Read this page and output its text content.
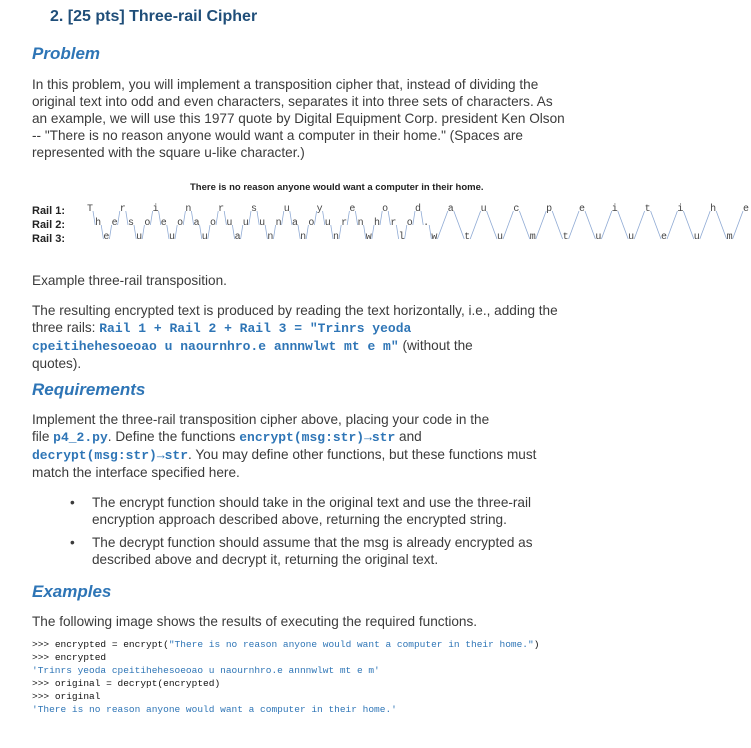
2. [25 pts] Three-rail Cipher
Problem

In this problem, you will implement a transposition cipher that, instead of dividing the
original text into odd and even characters, separates it into three sets of characters. As
an example, we will use this 1977 quote by Digital Equipment Corp. president Ken Olson
-- "There is no reason anyone would want a computer in their home." (Spaces are
represented with the square u-like character.)

There is no reason anyone would want a computer in their home.
Rail 1:
Rail 2:
Rail 3:
T	r	i	n	r	s	u	y	e	o	d	a	u	c	p	e	i	t	i	h	e
h e s o e o a o u u u n a o u r n h r o .
e	u	u	u	a	n	n	n	w	l	w	t	u	m	t	u	u	e	u	m

Example three-rail transposition.

The resulting encrypted text is produced by reading the text horizontally, i.e., adding the
three rails: Rail 1 + Rail 2 + Rail 3 = "Trinrs yeoda
cpeitihehesoeoao u naournhro.e annnwlwt mt e m" (without the
quotes).

Requirements

Implement the three-rail transposition cipher above, placing your code in the
file p4_2.py. Define the functions encrypt(msg:str)→str and
decrypt(msg:str)→str. You may define other functions, but these functions must
match the interface specified here.

• The encrypt function should take in the original text and use the three-rail encryption approach described above, returning the encrypted string.
• The decrypt function should assume that the msg is already encrypted as described above and decrypt it, returning the original text.
Examples

The following image shows the results of executing the required functions.

>>> encrypted = encrypt("There is no reason anyone would want a computer in their home.")
>>> encrypted
'Trinrs yeoda cpeitihehesoeoao u naournhro.e annnwlwt mt e m'
>>> original = decrypt(encrypted)
>>> original
'There is no reason anyone would want a computer in their home.'
